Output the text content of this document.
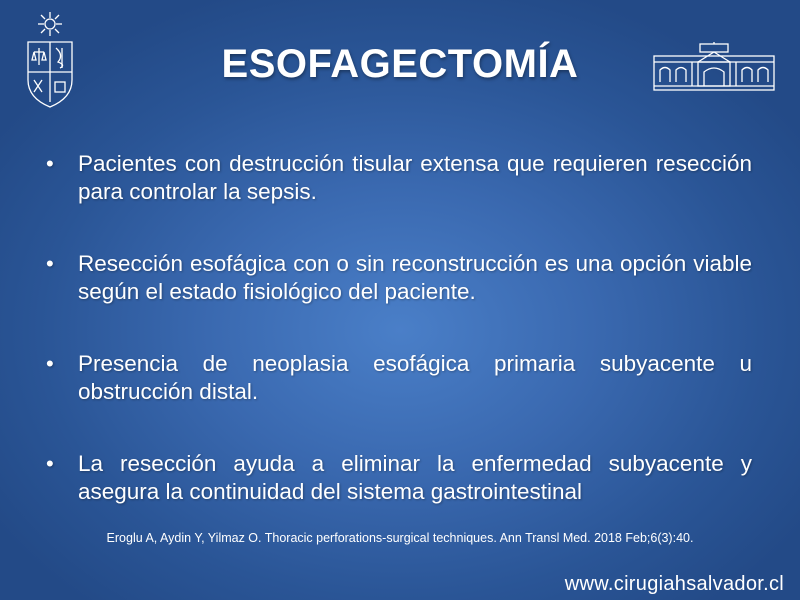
ESOFAGECTOMÍA
• Pacientes con destrucción tisular extensa que requieren resección para controlar la sepsis.
• Resección esofágica con o sin reconstrucción es una opción viable según el estado fisiológico del paciente.
• Presencia de neoplasia esofágica primaria subyacente u obstrucción distal.
• La resección ayuda a eliminar la enfermedad subyacente y asegura la continuidad del sistema gastrointestinal
Eroglu A, Aydin Y, Yilmaz O. Thoracic perforations-surgical techniques. Ann Transl Med. 2018 Feb;6(3):40.
www.cirugiahsalvador.cl
